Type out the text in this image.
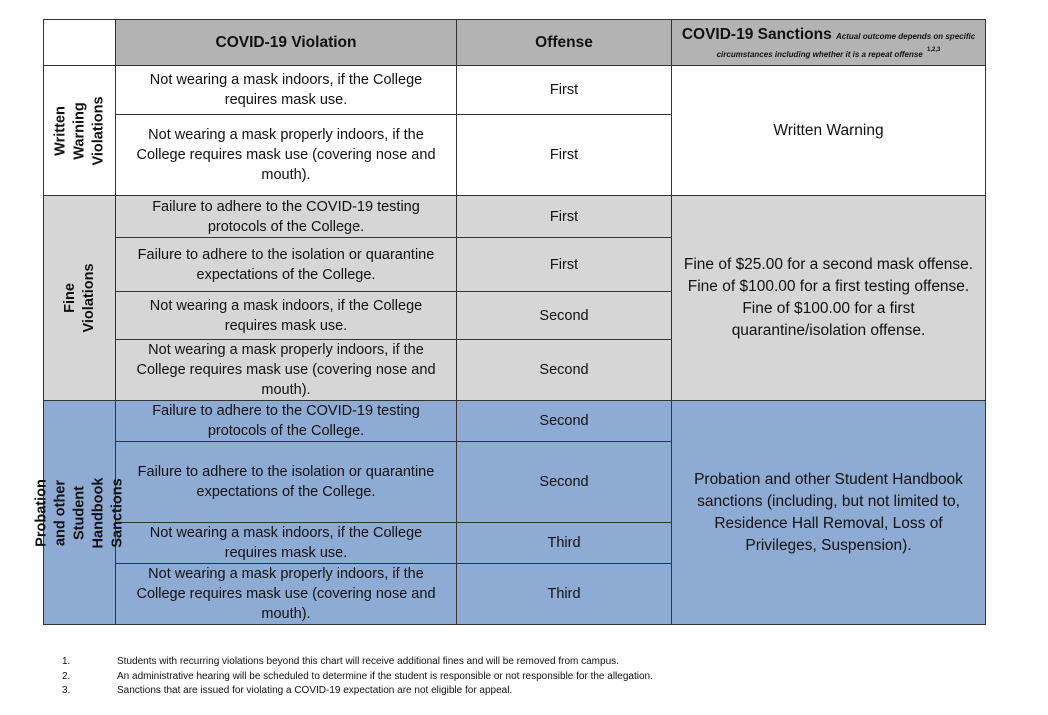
	COVID-19 Violation	Offense	COVID-19 Sanctions Actual outcome depends on specific
circumstances including whether it is a repeat offense $^{1,2,3}$

Written Warning
Violations	Not wearing a mask indoors, if the College requires mask use.	First	Written Warning

	Not wearing a mask properly indoors, if the College requires mask use (covering nose and mouth).	First	

Fine Violations	Failure to adhere to the COVID-19 testing protocols of the College.	First	Fine of $25.00 for a second mask offense.
Fine of $100.00 for a first testing offense.
Fine of $100.00 for a first quarantine/isolation offense.

	Failure to adhere to the isolation or quarantine expectations of the College.	First	
	Not wearing a mask indoors, if the College requires mask use.	Second	
	Not wearing a mask properly indoors, if the College requires mask use (covering nose and mouth).	Second	

Probation and other Student
Handbook Sanctions	Failure to adhere to the COVID-19 testing protocols of the College.	Second	Probation and other Student Handbook sanctions (including, but not limited to, Residence Hall Removal, Loss of Privileges, Suspension).

	Failure to adhere to the isolation or quarantine expectations of the College.	Second	
	Not wearing a mask indoors, if the College requires mask use.	Third	
	Not wearing a mask properly indoors, if the College requires mask use (covering nose and mouth).	Third	
1.	Students with recurring violations beyond this chart will receive additional fines and will be removed from campus.
2.	An administrative hearing will be scheduled to determine if the student is responsible or not responsible for the allegation.
3.	Sanctions that are issued for violating a COVID-19 expectation are not eligible for appeal.
